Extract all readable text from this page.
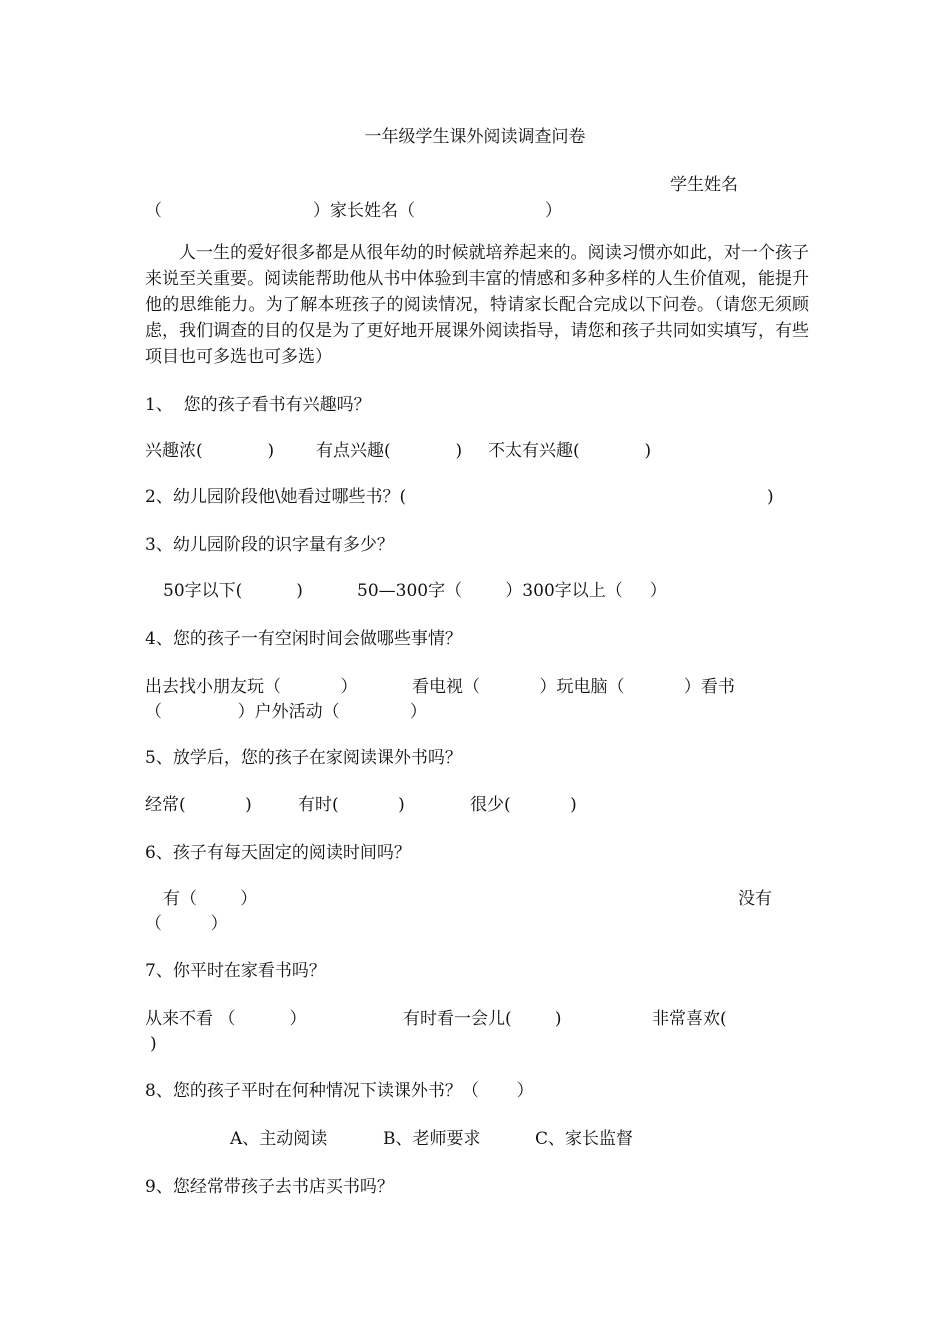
一年级学生课外阅读调查问卷
学生姓名
（	）家长姓名（	）
人一生的爱好很多都是从很年幼的时候就培养起来的。阅读习惯亦如此，对一个孩子来说至关重要。阅读能帮助他从书中体验到丰富的情感和多种多样的人生价值观，能提升他的思维能力。为了解本班孩子的阅读情况，特请家长配合完成以下问卷。（请您无须顾虑，我们调查的目的仅是为了更好地开展课外阅读指导，请您和孩子共同如实填写，有些项目也可多选也可多选）
1、  您的孩子看书有兴趣吗？
兴趣浓(            ) 有点兴趣(            ) 不太有兴趣(            )
2、幼儿园阶段他\她看过哪些书？(	)
3、幼儿园阶段的识字量有多少？
50字以下(          )	50—300字（        ）300字以上（     ）
4、您的孩子一有空闲时间会做哪些事情？
出去找小朋友玩（           ）	看电视（           ）玩电脑（           ）看书
（              ）户外活动（             ）
5、放学后，您的孩子在家阅读课外书吗？
经常(           )	有时(           )	很少(           )
6、孩子有每天固定的阅读时间吗？
有（        ）	没有
（         ）
7、你平时在家看书吗？
从来不看 （          ）	有时看一会儿(        )	非常喜欢(
)
8、您的孩子平时在何种情况下读课外书？（       ）
A、主动阅读	B、老师要求	C、家长监督
9、您经常带孩子去书店买书吗？
